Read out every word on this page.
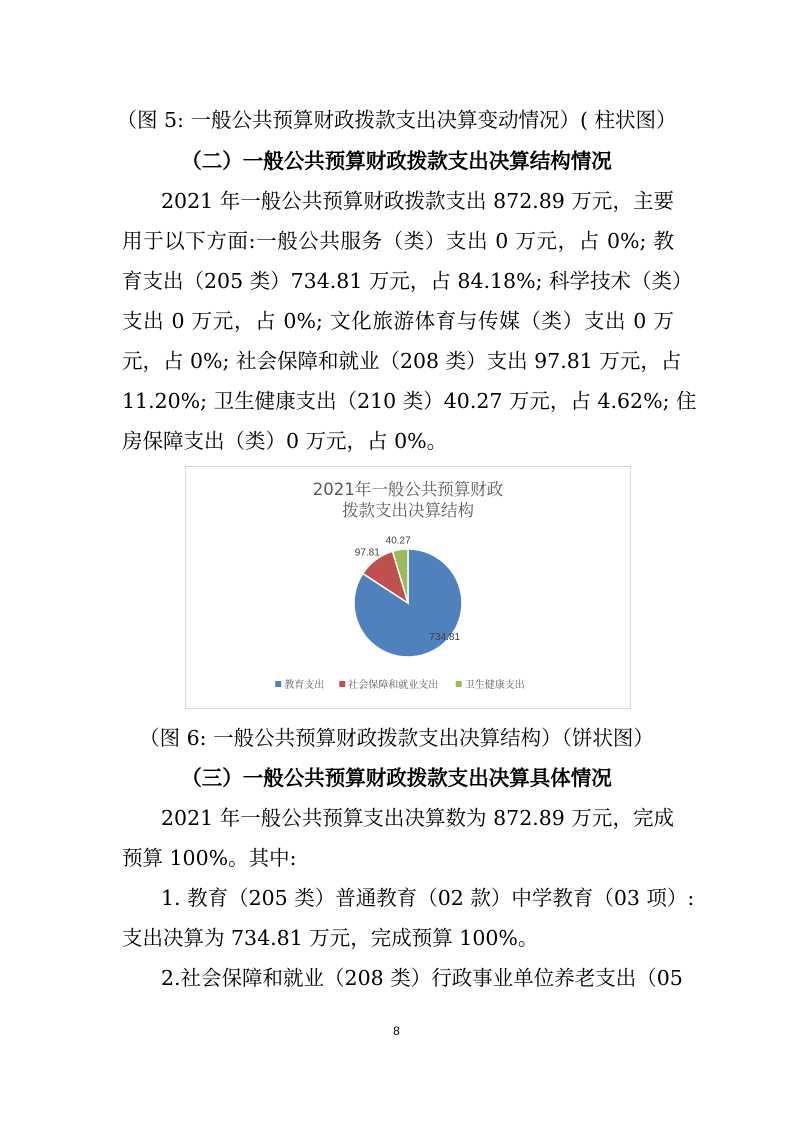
（图 5: 一般公共预算财政拨款支出决算变动情况）( 柱状图）
（二）一般公共预算财政拨款支出决算结构情况
2021 年一般公共预算财政拨款支出 872.89 万元，主要
用于以下方面:一般公共服务（类）支出 0 万元，占 0%; 教
育支出（205 类）734.81 万元，占 84.18%; 科学技术（类）
支出 0 万元，占 0%; 文化旅游体育与传媒（类）支出 0 万
元，占 0%; 社会保障和就业（208 类）支出 97.81 万元，占
11.20%; 卫生健康支出（210 类）40.27 万元，占 4.62%; 住
房保障支出（类）0 万元，占 0%。
2021年一般公共预算财政拨款支出决算结构
734.81
97.81
40.27
教育支出 社会保障和就业支出	卫生健康支出
（图 6: 一般公共预算财政拨款支出决算结构）（饼状图）
（三）一般公共预算财政拨款支出决算具体情况
2021 年一般公共预算支出决算数为 872.89 万元，完成
预算 100%。其中:
1. 教育（205 类）普通教育（02 款）中学教育（03 项）:
支出决算为 734.81 万元，完成预算 100%。
2.社会保障和就业（208 类）行政事业单位养老支出（05
8
